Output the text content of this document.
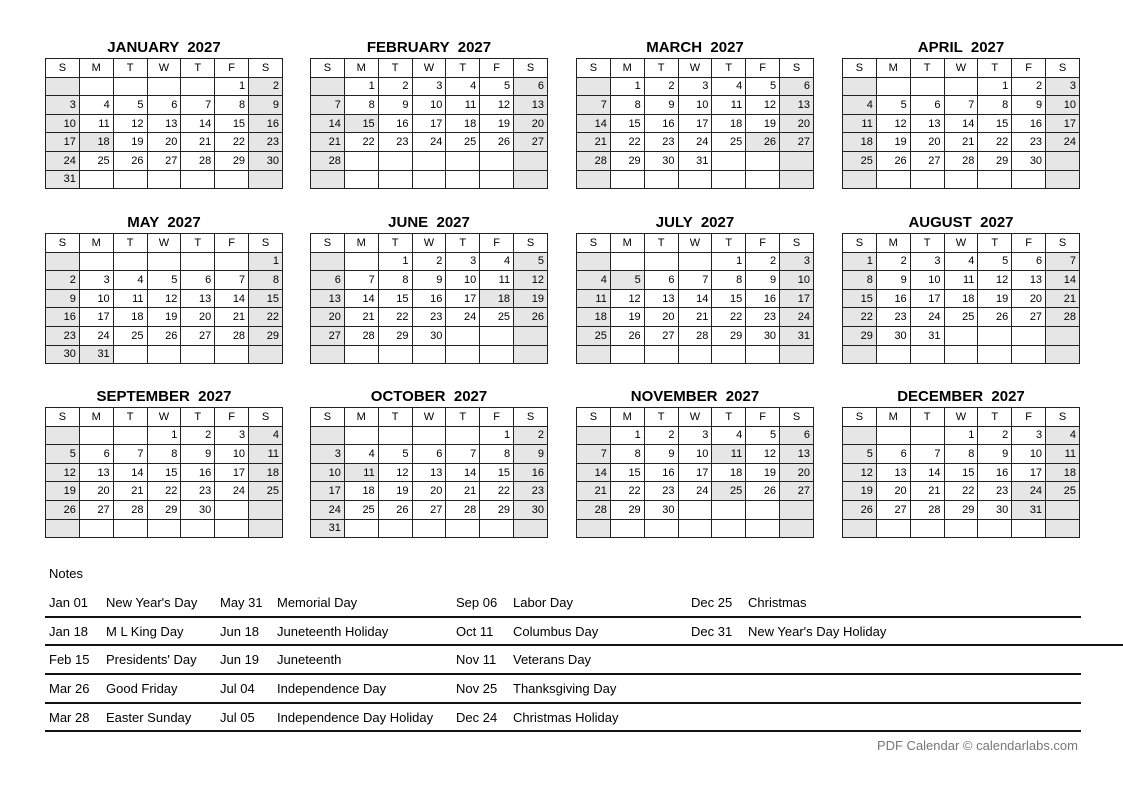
JANUARY  2027
S	M	T	W	T	F	S
					1	2
3	4	5	6	7	8	9
10	11	12	13	14	15	16
17	18	19	20	21	22	23
24	25	26	27	28	29	30
31						
FEBRUARY  2027
S	M	T	W	T	F	S
	1	2	3	4	5	6
7	8	9	10	11	12	13
14	15	16	17	18	19	20
21	22	23	24	25	26	27
28						

MARCH  2027
S	M	T	W	T	F	S
	1	2	3	4	5	6
7	8	9	10	11	12	13
14	15	16	17	18	19	20
21	22	23	24	25	26	27
28	29	30	31			

APRIL  2027
S	M	T	W	T	F	S
				1	2	3
4	5	6	7	8	9	10
11	12	13	14	15	16	17
18	19	20	21	22	23	24
25	26	27	28	29	30	

MAY  2027
S	M	T	W	T	F	S
						1
2	3	4	5	6	7	8
9	10	11	12	13	14	15
16	17	18	19	20	21	22
23	24	25	26	27	28	29
30	31					
JUNE  2027
S	M	T	W	T	F	S
		1	2	3	4	5
6	7	8	9	10	11	12
13	14	15	16	17	18	19
20	21	22	23	24	25	26
27	28	29	30			

JULY  2027
S	M	T	W	T	F	S
				1	2	3
4	5	6	7	8	9	10
11	12	13	14	15	16	17
18	19	20	21	22	23	24
25	26	27	28	29	30	31

AUGUST  2027
S	M	T	W	T	F	S
1	2	3	4	5	6	7
8	9	10	11	12	13	14
15	16	17	18	19	20	21
22	23	24	25	26	27	28
29	30	31				

SEPTEMBER  2027
S	M	T	W	T	F	S
			1	2	3	4
5	6	7	8	9	10	11
12	13	14	15	16	17	18
19	20	21	22	23	24	25
26	27	28	29	30		

OCTOBER  2027
S	M	T	W	T	F	S
					1	2
3	4	5	6	7	8	9
10	11	12	13	14	15	16
17	18	19	20	21	22	23
24	25	26	27	28	29	30
31						
NOVEMBER  2027
S	M	T	W	T	F	S
	1	2	3	4	5	6
7	8	9	10	11	12	13
14	15	16	17	18	19	20
21	22	23	24	25	26	27
28	29	30				

DECEMBER  2027
S	M	T	W	T	F	S
			1	2	3	4
5	6	7	8	9	10	11
12	13	14	15	16	17	18
19	20	21	22	23	24	25
26	27	28	29	30	31	

Notes
Jan 01 New Year's Day May 31 Memorial Day	Sep 06 Labor Day	Dec 25 Christmas
Jan 18 M L King Day	Jun 18 Juneteenth Holiday	Oct 11 Columbus Day	Dec 31 New Year's Day Holiday
Feb 15 Presidents' Day Jun 19 Juneteenth	Nov 11 Veterans Day
Mar 26 Good Friday	Jul 04 Independence Day	Nov 25 Thanksgiving Day
Mar 28 Easter Sunday Jul 05 Independence Day Holiday Dec 24 Christmas Holiday
PDF Calendar © calendarlabs.com
